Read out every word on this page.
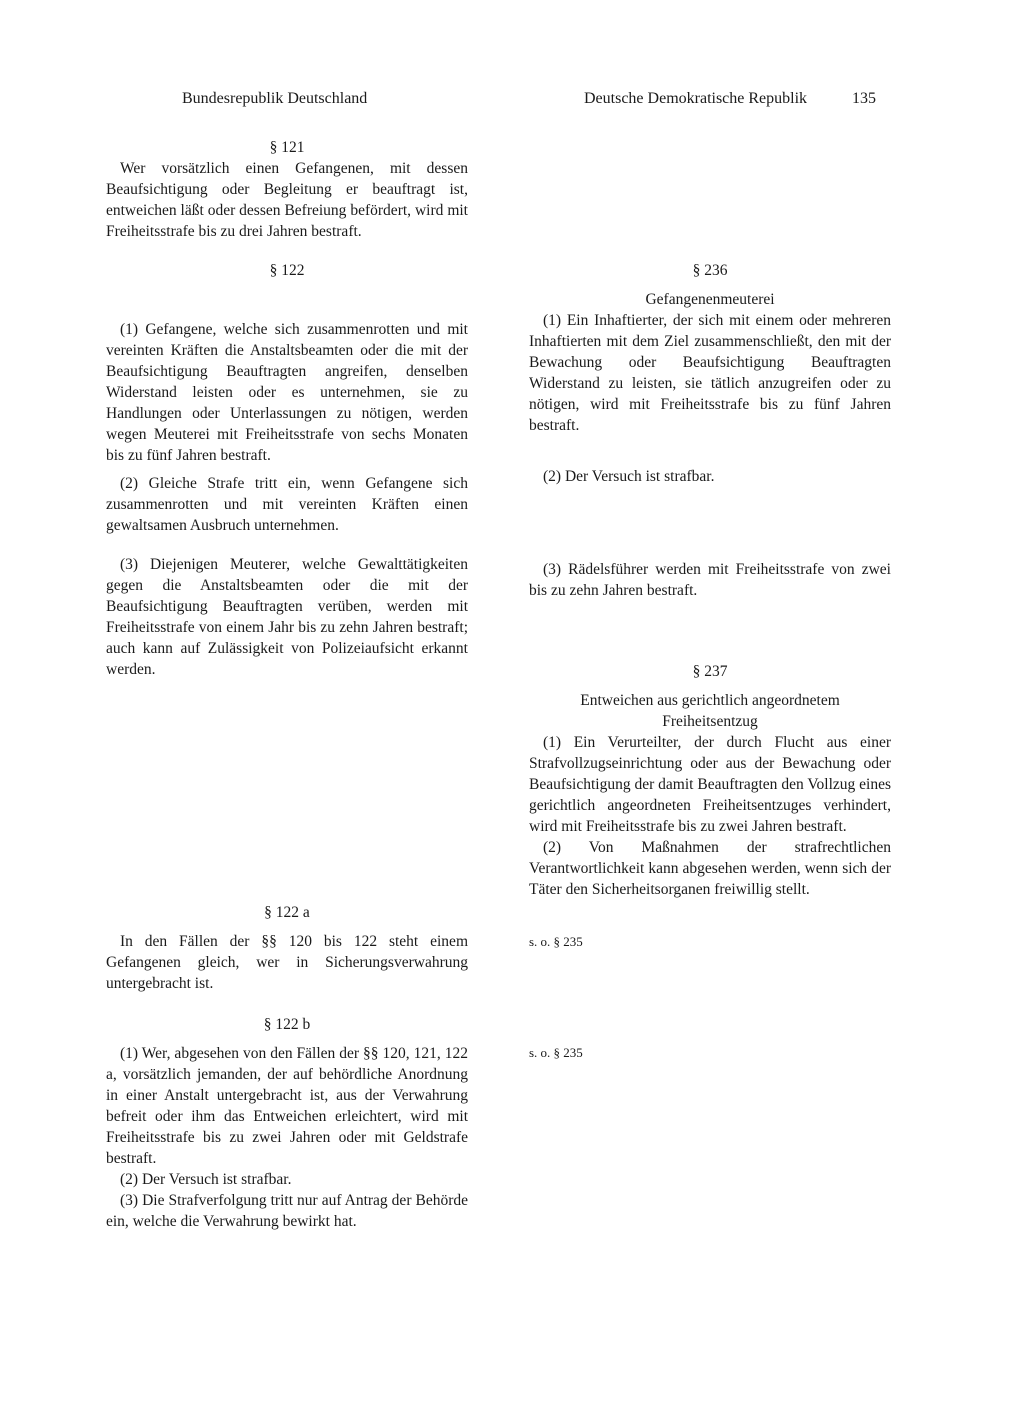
Bundesrepublik Deutschland	Deutsche Demokratische Republik	135
§ 121

Wer vorsätzlich einen Gefangenen, mit dessen Beaufsichtigung oder Begleitung er beauftragt ist, entweichen läßt oder dessen Befreiung befördert, wird mit Freiheitsstrafe bis zu drei Jahren bestraft.

§ 122

(1) Gefangene, welche sich zusammenrotten und mit vereinten Kräften die Anstaltsbeamten oder die mit der Beaufsichtigung Beauftragten angreifen, denselben Widerstand leisten oder es unternehmen, sie zu Handlungen oder Unterlassungen zu nötigen, werden wegen Meuterei mit Freiheitsstrafe von sechs Monaten bis zu fünf Jahren bestraft.

(2) Gleiche Strafe tritt ein, wenn Gefangene sich zusammenrotten und mit vereinten Kräften einen gewaltsamen Ausbruch unternehmen.

(3) Diejenigen Meuterer, welche Gewalttätigkeiten gegen die Anstaltsbeamten oder die mit der Beaufsichtigung Beauftragten verüben, werden mit Freiheitsstrafe von einem Jahr bis zu zehn Jahren bestraft; auch kann auf Zulässigkeit von Polizeiaufsicht erkannt werden.

§ 122 a

In den Fällen der §§ 120 bis 122 steht einem Gefangenen gleich, wer in Sicherungsverwahrung untergebracht ist.

§ 122 b

(1) Wer, abgesehen von den Fällen der §§ 120, 121, 122 a, vorsätzlich jemanden, der auf behördliche Anordnung in einer Anstalt untergebracht ist, aus der Verwahrung befreit oder ihm das Entweichen erleichtert, wird mit Freiheitsstrafe bis zu zwei Jahren oder mit Geldstrafe bestraft.

(2) Der Versuch ist strafbar.

(3) Die Strafverfolgung tritt nur auf Antrag der Behörde ein, welche die Verwahrung bewirkt hat.

§ 236
Gefangenenmeuterei

(1) Ein Inhaftierter, der sich mit einem oder mehreren Inhaftierten mit dem Ziel zusammenschließt, den mit der Bewachung oder Beaufsichtigung Beauftragten Widerstand zu leisten, sie tätlich anzugreifen oder zu nötigen, wird mit Freiheitsstrafe bis zu fünf Jahren bestraft.

(2) Der Versuch ist strafbar.

(3) Rädelsführer werden mit Freiheitsstrafe von zwei bis zu zehn Jahren bestraft.

§ 237
Entweichen aus gerichtlich angeordnetem
Freiheitsentzug

(1) Ein Verurteilter, der durch Flucht aus einer Strafvollzugseinrichtung oder aus der Bewachung oder Beaufsichtigung der damit Beauftragten den Vollzug eines gerichtlich angeordneten Freiheitsentzuges verhindert, wird mit Freiheitsstrafe bis zu zwei Jahren bestraft.

(2) Von Maßnahmen der strafrechtlichen Verantwortlichkeit kann abgesehen werden, wenn sich der Täter den Sicherheitsorganen freiwillig stellt.

s. o. § 235
s. o. § 235
